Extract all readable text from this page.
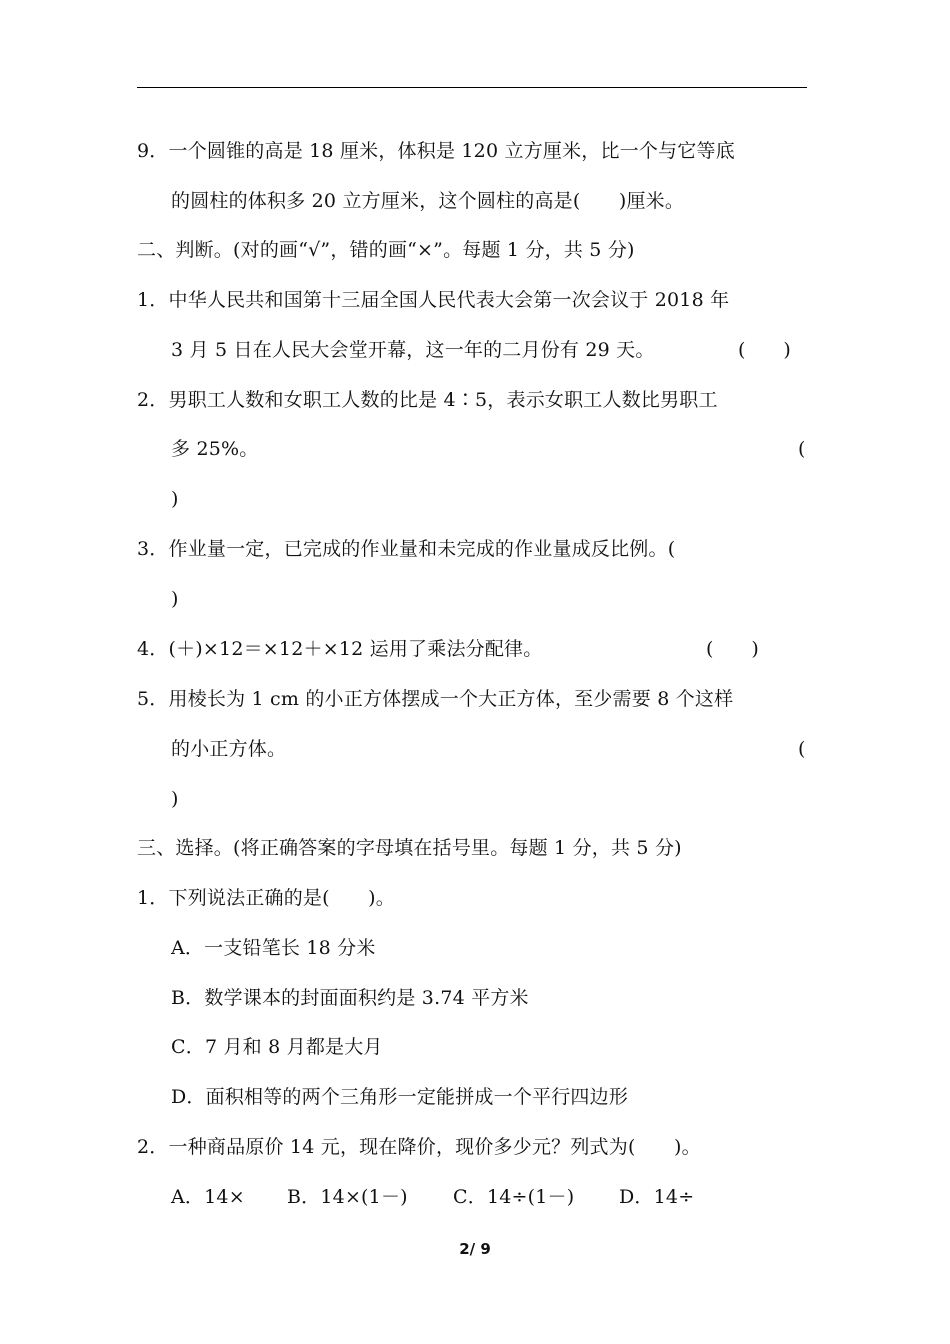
9．一个圆锥的高是 18 厘米，体积是 120 立方厘米，比一个与它等底
的圆柱的体积多 20 立方厘米，这个圆柱的高是(　　)厘米。
二、判断。(对的画“√”，错的画“×”。每题 1 分，共 5 分)
1．中华人民共和国第十三届全国人民代表大会第一次会议于 2018 年
3 月 5 日在人民大会堂开幕，这一年的二月份有 29 天。	(　　)
2．男职工人数和女职工人数的比是 4∶5，表示女职工人数比男职工
多 25%。	(
)
3．作业量一定，已完成的作业量和未完成的作业量成反比例。(
)
4．(＋)×12＝×12＋×12 运用了乘法分配律。	(　　)
5．用棱长为 1 cm 的小正方体摆成一个大正方体，至少需要 8 个这样
的小正方体。	(
)
三、选择。(将正确答案的字母填在括号里。每题 1 分，共 5 分)
1．下列说法正确的是(　　)。
A．一支铅笔长 18 分米
B．数学课本的封面面积约是 3.74 平方米
C．7 月和 8 月都是大月
D．面积相等的两个三角形一定能拼成一个平行四边形
2．一种商品原价 14 元，现在降价，现价多少元？列式为(　　)。
A．14× B．14×(1－) C．14÷(1－) D．14÷
2/ 9
